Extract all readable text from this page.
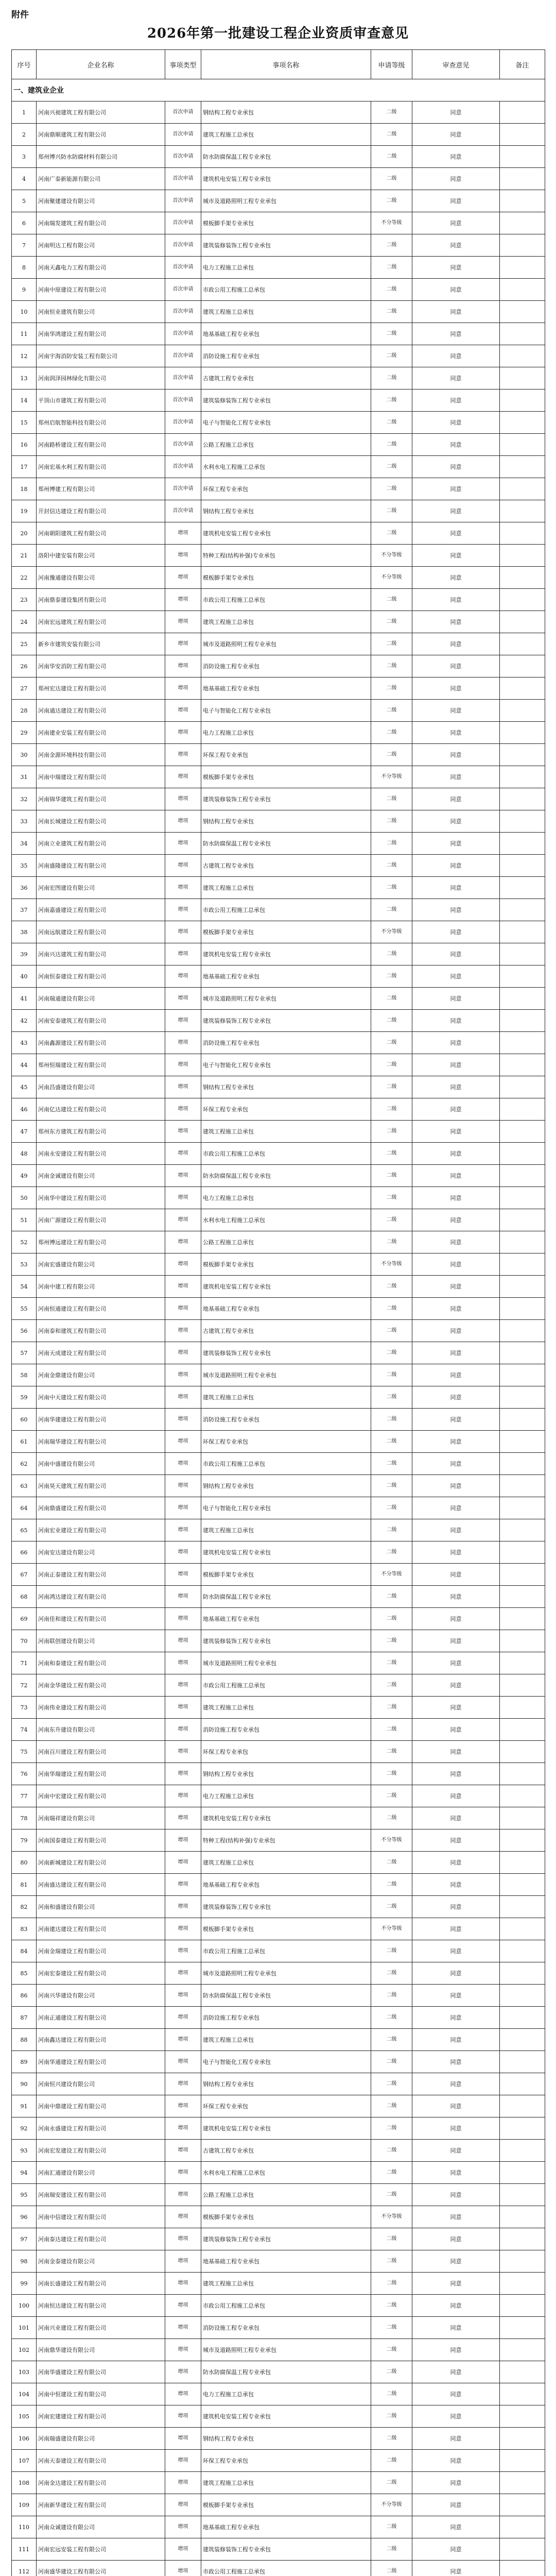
附件
2026年第一批建设工程企业资质审查意见
序号	企业名称	事项类型	事项名称	申请等级	审查意见	备注
一、建筑业企业						
1	河南兴昶建筑工程有限公司	首次申请	钢结构工程专业承包	二级	同意	
2	河南鼎顺建筑工程有限公司	首次申请	建筑工程施工总承包	二级	同意	
3	郑州博兴防水防腐材料有限公司	首次申请	防水防腐保温工程专业承包	二级	同意	
4	河南广泰新能源有限公司	首次申请	建筑机电安装工程专业承包	二级	同意	
5	河南聚建建设有限公司	首次申请	城市及道路照明工程专业承包	二级	同意	
6	河南瑞发建筑工程有限公司	首次申请	模板脚手架专业承包	不分等级	同意	
7	河南明达工程有限公司	首次申请	建筑装修装饰工程专业承包	二级	同意	
8	河南天鑫电力工程有限公司	首次申请	电力工程施工总承包	二级	同意	
9	河南中原建设工程有限公司	首次申请	市政公用工程施工总承包	二级	同意	
10	河南恒业建筑有限公司	首次申请	建筑工程施工总承包	二级	同意	
11	河南华鸿建设工程有限公司	首次申请	地基基础工程专业承包	二级	同意	
12	河南宇海消防安装工程有限公司	首次申请	消防设施工程专业承包	二级	同意	
13	河南润泽园林绿化有限公司	首次申请	古建筑工程专业承包	二级	同意	
14	平顶山市建筑工程有限公司	首次申请	建筑装修装饰工程专业承包	二级	同意	
15	郑州启航智能科技有限公司	首次申请	电子与智能化工程专业承包	二级	同意	
16	河南路桥建设工程有限公司	首次申请	公路工程施工总承包	二级	同意	
17	河南宏基水利工程有限公司	首次申请	水利水电工程施工总承包	二级	同意	
18	郑州博建工程有限公司	首次申请	环保工程专业承包	二级	同意	
19	开封信达建设工程有限公司	首次申请	钢结构工程专业承包	二级	同意	
20	河南朝阳建筑工程有限公司	增项	建筑机电安装工程专业承包	二级	同意	
21	洛阳中建安装有限公司	增项	特种工程(结构补强)专业承包	不分等级	同意	
22	河南豫通建设有限公司	增项	模板脚手架专业承包	不分等级	同意	
23	河南鼎泰建设集团有限公司	增项	市政公用工程施工总承包	二级	同意	
24	河南宏远建筑工程有限公司	增项	建筑工程施工总承包	二级	同意	
25	新乡市建筑安装有限公司	增项	城市及道路照明工程专业承包	二级	同意	
26	河南华安消防工程有限公司	增项	消防设施工程专业承包	二级	同意	
27	郑州宏达建设工程有限公司	增项	地基基础工程专业承包	二级	同意	
28	河南通达建设工程有限公司	增项	电子与智能化工程专业承包	二级	同意	
29	河南建业安装工程有限公司	增项	电力工程施工总承包	二级	同意	
30	河南金源环境科技有限公司	增项	环保工程专业承包	二级	同意	
31	河南中瑞建设工程有限公司	增项	模板脚手架专业承包	不分等级	同意	
32	河南锦华建筑工程有限公司	增项	建筑装修装饰工程专业承包	二级	同意	
33	河南长城建设工程有限公司	增项	钢结构工程专业承包	二级	同意	
34	河南立业建筑工程有限公司	增项	防水防腐保温工程专业承包	二级	同意	
35	河南盛隆建设工程有限公司	增项	古建筑工程专业承包	二级	同意	
36	河南宏图建设有限公司	增项	建筑工程施工总承包	二级	同意	
37	河南嘉盛建设工程有限公司	增项	市政公用工程施工总承包	二级	同意	
38	河南远航建设工程有限公司	增项	模板脚手架专业承包	不分等级	同意	
39	河南兴达建筑工程有限公司	增项	建筑机电安装工程专业承包	二级	同意	
40	河南恒泰建设工程有限公司	增项	地基基础工程专业承包	二级	同意	
41	河南瑞通建设有限公司	增项	城市及道路照明工程专业承包	二级	同意	
42	河南安泰建筑工程有限公司	增项	建筑装修装饰工程专业承包	二级	同意	
43	河南鑫源建设工程有限公司	增项	消防设施工程专业承包	二级	同意	
44	郑州恒瑞建设工程有限公司	增项	电子与智能化工程专业承包	二级	同意	
45	河南昌盛建设有限公司	增项	钢结构工程专业承包	二级	同意	
46	河南亿达建设工程有限公司	增项	环保工程专业承包	二级	同意	
47	郑州东方建筑工程有限公司	增项	建筑工程施工总承包	二级	同意	
48	河南永安建设工程有限公司	增项	市政公用工程施工总承包	二级	同意	
49	河南金诚建设有限公司	增项	防水防腐保温工程专业承包	二级	同意	
50	河南华中建设工程有限公司	增项	电力工程施工总承包	二级	同意	
51	河南广源建设工程有限公司	增项	水利水电工程施工总承包	二级	同意	
52	郑州博远建设工程有限公司	增项	公路工程施工总承包	二级	同意	
53	河南宏盛建设有限公司	增项	模板脚手架专业承包	不分等级	同意	
54	河南中建工程有限公司	增项	建筑机电安装工程专业承包	二级	同意	
55	河南恒通建设工程有限公司	增项	地基基础工程专业承包	二级	同意	
56	河南泰和建筑工程有限公司	增项	古建筑工程专业承包	二级	同意	
57	河南天成建设工程有限公司	增项	建筑装修装饰工程专业承包	二级	同意	
58	河南金鼎建设有限公司	增项	城市及道路照明工程专业承包	二级	同意	
59	河南中天建设工程有限公司	增项	建筑工程施工总承包	二级	同意	
60	河南华建建设工程有限公司	增项	消防设施工程专业承包	二级	同意	
61	河南瑞华建设工程有限公司	增项	环保工程专业承包	二级	同意	
62	河南中盛建设有限公司	增项	市政公用工程施工总承包	二级	同意	
63	河南昊天建筑工程有限公司	增项	钢结构工程专业承包	二级	同意	
64	河南鼎盛建设工程有限公司	增项	电子与智能化工程专业承包	二级	同意	
65	河南宏业建设工程有限公司	增项	建筑工程施工总承包	二级	同意	
66	河南安达建设有限公司	增项	建筑机电安装工程专业承包	二级	同意	
67	河南正泰建设工程有限公司	增项	模板脚手架专业承包	不分等级	同意	
68	河南鸿达建设工程有限公司	增项	防水防腐保温工程专业承包	二级	同意	
69	河南佳和建设工程有限公司	增项	地基基础工程专业承包	二级	同意	
70	河南联创建设有限公司	增项	建筑装修装饰工程专业承包	二级	同意	
71	河南和泰建设工程有限公司	增项	城市及道路照明工程专业承包	二级	同意	
72	河南金华建设工程有限公司	增项	市政公用工程施工总承包	二级	同意	
73	河南伟业建设工程有限公司	增项	建筑工程施工总承包	二级	同意	
74	河南东升建设有限公司	增项	消防设施工程专业承包	二级	同意	
75	河南百川建设工程有限公司	增项	环保工程专业承包	二级	同意	
76	河南华瑞建设工程有限公司	增项	钢结构工程专业承包	二级	同意	
77	河南中宏建设工程有限公司	增项	电力工程施工总承包	二级	同意	
78	河南瑞祥建设有限公司	增项	建筑机电安装工程专业承包	二级	同意	
79	河南国泰建设工程有限公司	增项	特种工程(结构补强)专业承包	不分等级	同意	
80	河南新城建设工程有限公司	增项	建筑工程施工总承包	二级	同意	
81	河南盛达建设工程有限公司	增项	地基基础工程专业承包	二级	同意	
82	河南和盛建设有限公司	增项	建筑装修装饰工程专业承包	二级	同意	
83	河南建达建设工程有限公司	增项	模板脚手架专业承包	不分等级	同意	
84	河南金瑞建设工程有限公司	增项	市政公用工程施工总承包	二级	同意	
85	河南宏泰建设工程有限公司	增项	城市及道路照明工程专业承包	二级	同意	
86	河南兴华建设有限公司	增项	防水防腐保温工程专业承包	二级	同意	
87	河南正通建设工程有限公司	增项	消防设施工程专业承包	二级	同意	
88	河南鑫达建设工程有限公司	增项	建筑工程施工总承包	二级	同意	
89	河南华通建设工程有限公司	增项	电子与智能化工程专业承包	二级	同意	
90	河南恒兴建设有限公司	增项	钢结构工程专业承包	二级	同意	
91	河南中鼎建设工程有限公司	增项	环保工程专业承包	二级	同意	
92	河南永盛建设工程有限公司	增项	建筑机电安装工程专业承包	二级	同意	
93	河南宏发建设工程有限公司	增项	古建筑工程专业承包	二级	同意	
94	河南汇通建设有限公司	增项	水利水电工程施工总承包	二级	同意	
95	河南瑞安建设工程有限公司	增项	公路工程施工总承包	二级	同意	
96	河南中信建设工程有限公司	增项	模板脚手架专业承包	不分等级	同意	
97	河南泰达建设工程有限公司	增项	建筑装修装饰工程专业承包	二级	同意	
98	河南金泰建设有限公司	增项	地基基础工程专业承包	二级	同意	
99	河南长盛建设工程有限公司	增项	建筑工程施工总承包	二级	同意	
100	河南恒达建设工程有限公司	增项	市政公用工程施工总承包	二级	同意	
101	河南兴业建设工程有限公司	增项	消防设施工程专业承包	二级	同意	
102	河南鼎华建设有限公司	增项	城市及道路照明工程专业承包	二级	同意	
103	河南华盛建设工程有限公司	增项	防水防腐保温工程专业承包	二级	同意	
104	河南中恒建设工程有限公司	增项	电力工程施工总承包	二级	同意	
105	河南宏建建设工程有限公司	增项	建筑机电安装工程专业承包	二级	同意	
106	河南瑞盛建设有限公司	增项	钢结构工程专业承包	二级	同意	
107	河南天泰建设工程有限公司	增项	环保工程专业承包	二级	同意	
108	河南金达建设工程有限公司	增项	建筑工程施工总承包	二级	同意	
109	河南新华建设工程有限公司	增项	模板脚手架专业承包	不分等级	同意	
110	河南众诚建设有限公司	增项	地基基础工程专业承包	二级	同意	
111	河南宏远安装工程有限公司	增项	建筑装修装饰工程专业承包	二级	同意	
112	河南盛华建设工程有限公司	增项	市政公用工程施工总承包	二级	同意	
